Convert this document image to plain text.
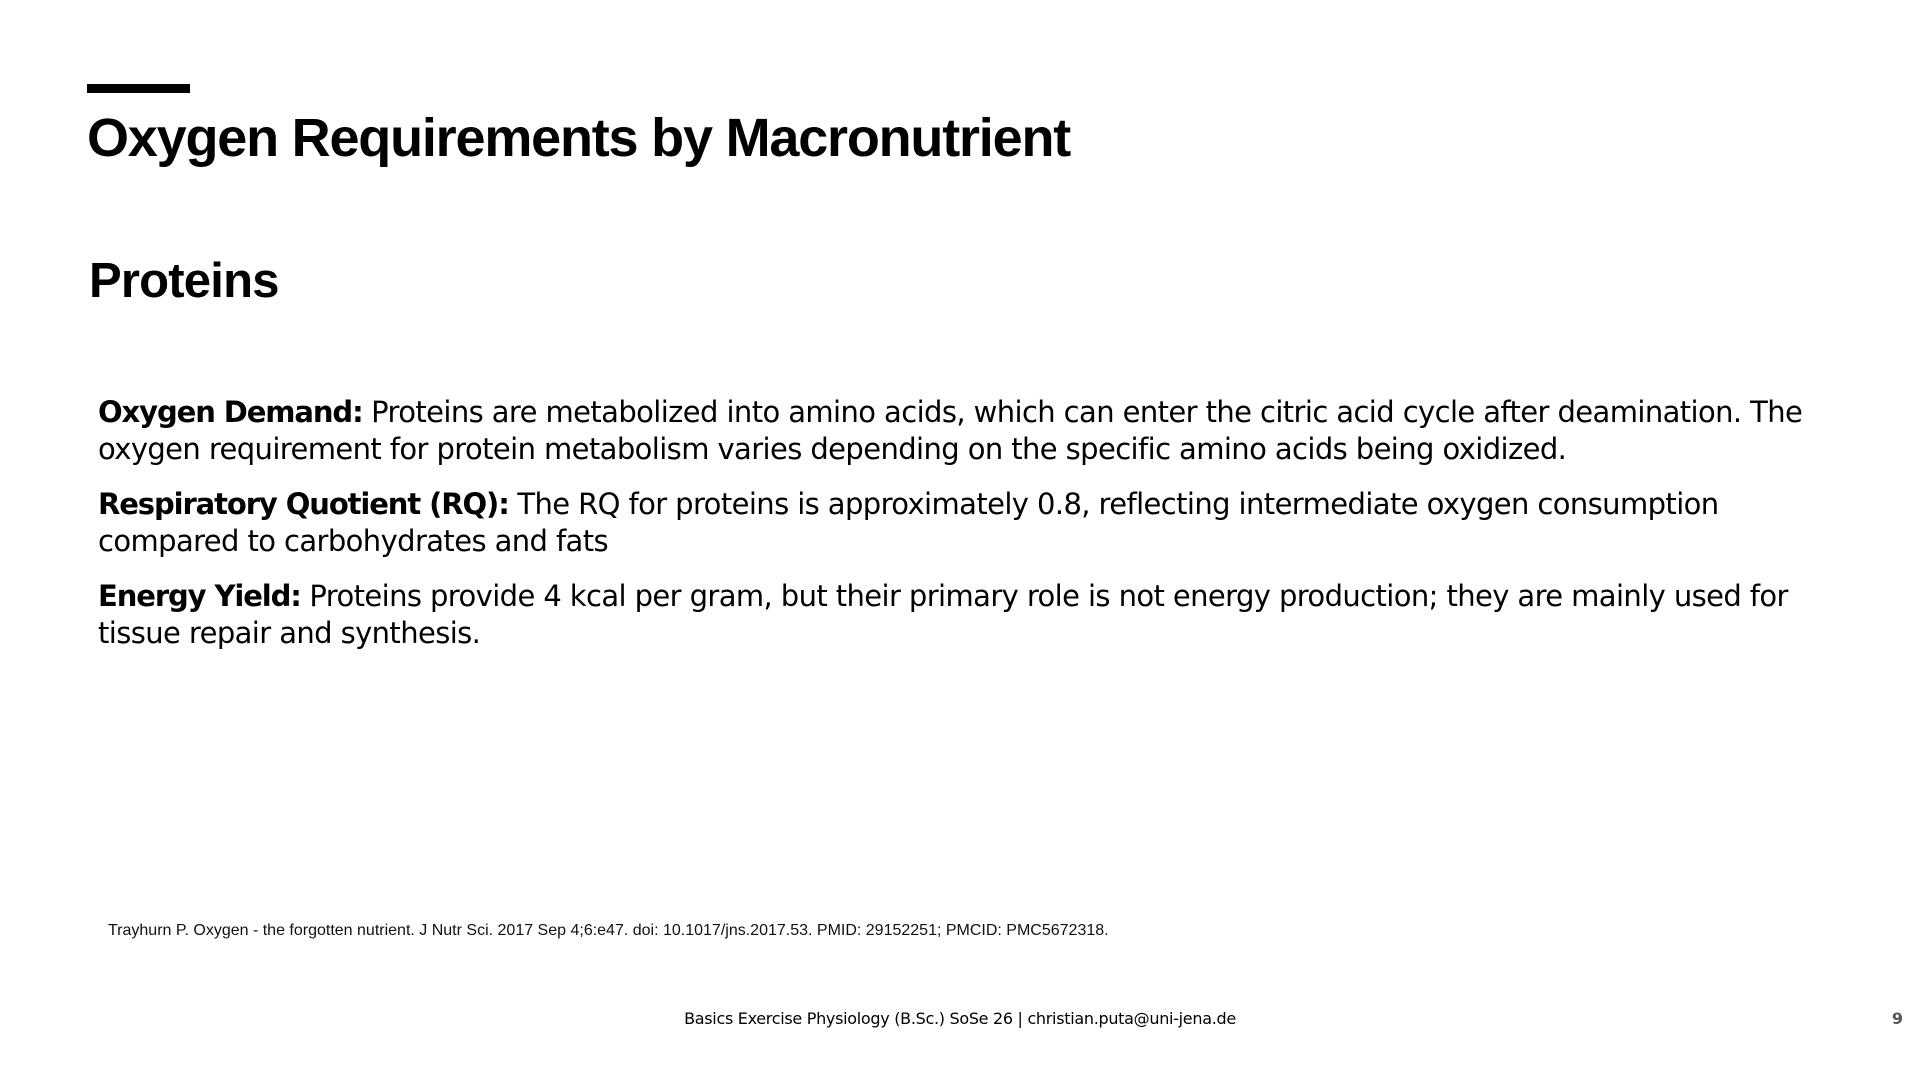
Oxygen Requirements by Macronutrient
Proteins

Oxygen Demand: Proteins are metabolized into amino acids, which can enter the citric acid cycle after deamination. The oxygen requirement for protein metabolism varies depending on the specific amino acids being oxidized.

Respiratory Quotient (RQ): The RQ for proteins is approximately 0.8, reflecting intermediate oxygen consumption compared to carbohydrates and fats

Energy Yield: Proteins provide 4 kcal per gram, but their primary role is not energy production; they are mainly used for tissue repair and synthesis.

Trayhurn P. Oxygen - the forgotten nutrient. J Nutr Sci. 2017 Sep 4;6:e47. doi: 10.1017/jns.2017.53. PMID: 29152251; PMCID: PMC5672318.

Basics Exercise Physiology (B.Sc.) SoSe 26 | christian.puta@uni-jena.de	9
